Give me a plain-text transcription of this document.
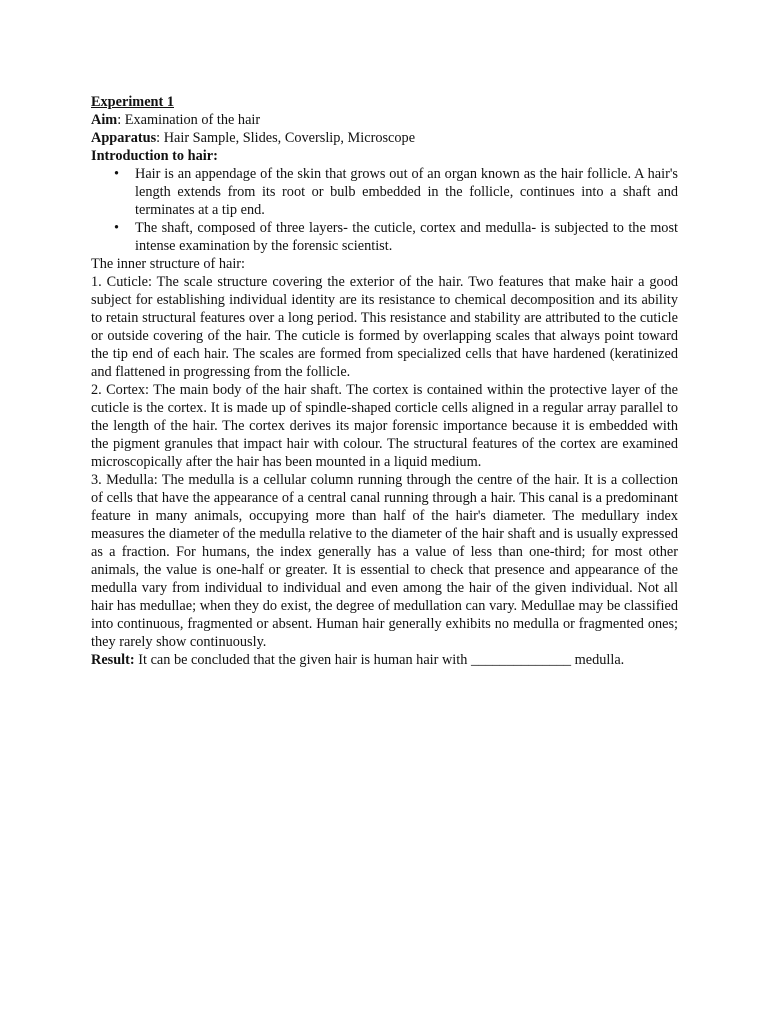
Experiment 1
Aim: Examination of the hair
Apparatus: Hair Sample, Slides, Coverslip, Microscope
Introduction to hair:
• Hair is an appendage of the skin that grows out of an organ known as the hair follicle. A hair's length extends from its root or bulb embedded in the follicle, continues into a shaft and terminates at a tip end.
• The shaft, composed of three layers- the cuticle, cortex and medulla- is subjected to the most intense examination by the forensic scientist.
The inner structure of hair:

1. Cuticle: The scale structure covering the exterior of the hair. Two features that make hair a good subject for establishing individual identity are its resistance to chemical decomposition and its ability to retain structural features over a long period. This resistance and stability are attributed to the cuticle or outside covering of the hair. The cuticle is formed by overlapping scales that always point toward the tip end of each hair. The scales are formed from specialized cells that have hardened (keratinized and flattened in progressing from the follicle.

2. Cortex: The main body of the hair shaft. The cortex is contained within the protective layer of the cuticle is the cortex. It is made up of spindle-shaped corticle cells aligned in a regular array parallel to the length of the hair. The cortex derives its major forensic importance because it is embedded with the pigment granules that impact hair with colour. The structural features of the cortex are examined microscopically after the hair has been mounted in a liquid medium.

3. Medulla: The medulla is a cellular column running through the centre of the hair. It is a collection of cells that have the appearance of a central canal running through a hair. This canal is a predominant feature in many animals, occupying more than half of the hair's diameter. The medullary index measures the diameter of the medulla relative to the diameter of the hair shaft and is usually expressed as a fraction. For humans, the index generally has a value of less than one-third; for most other animals, the value is one-half or greater. It is essential to check that presence and appearance of the medulla vary from individual to individual and even among the hair of the given individual. Not all hair has medullae; when they do exist, the degree of medullation can vary. Medullae may be classified into continuous, fragmented or absent. Human hair generally exhibits no medulla or fragmented ones; they rarely show continuously.

Result: It can be concluded that the given hair is human hair with ______________ medulla.
